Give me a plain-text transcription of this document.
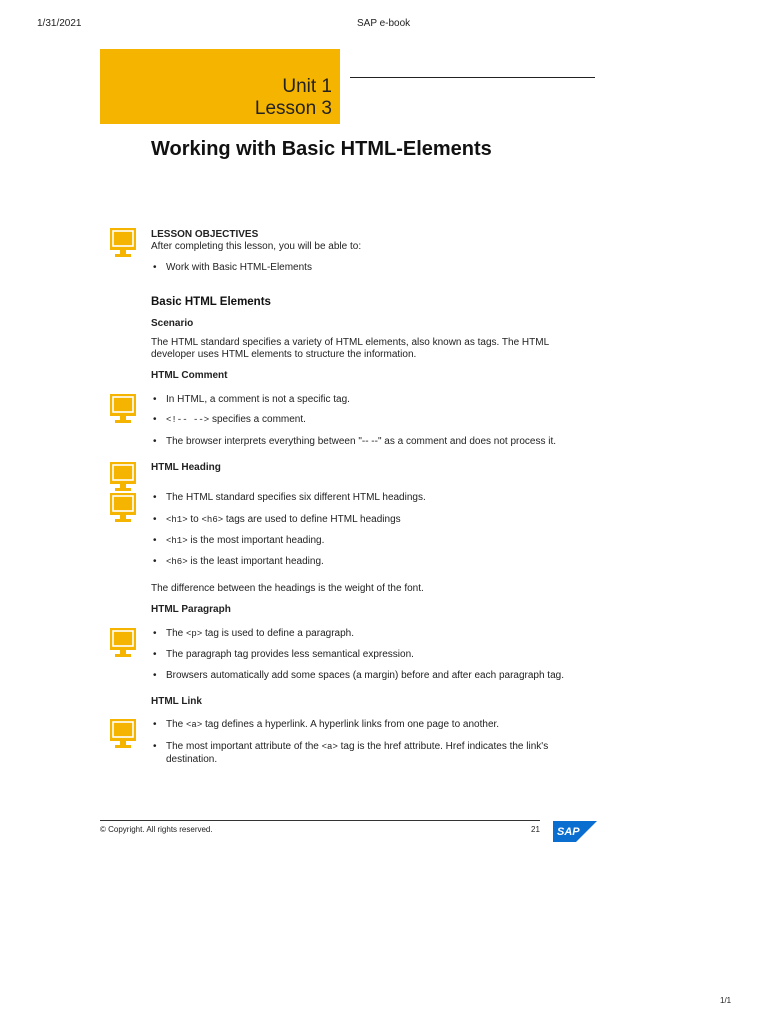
1/31/2021	SAP e-book
Unit 1
Lesson 3
Working with Basic HTML-Elements
LESSON OBJECTIVES
After completing this lesson, you will be able to:
• Work with Basic HTML-Elements
Basic HTML Elements
Scenario
The HTML standard specifies a variety of HTML elements, also known as tags. The HTML
developer uses HTML elements to structure the information.
HTML Comment
• In HTML, a comment is not a specific tag.
• <!-- --> specifies a comment.
• The browser interprets everything between "-- --" as a comment and does not process it.
HTML Heading
• The HTML standard specifies six different HTML headings.
• <h1> to <h6> tags are used to define HTML headings
• <h1> is the most important heading.
• <h6> is the least important heading.
The difference between the headings is the weight of the font.
HTML Paragraph
• The <p> tag is used to define a paragraph.
• The paragraph tag provides less semantical expression.
• Browsers automatically add some spaces (a margin) before and after each paragraph tag.
HTML Link
• The <a> tag defines a hyperlink. A hyperlink links from one page to another.
• The most important attribute of the <a> tag is the href attribute. Href indicates the link's
destination.
© Copyright. All rights reserved.	21 SAP
1/1
